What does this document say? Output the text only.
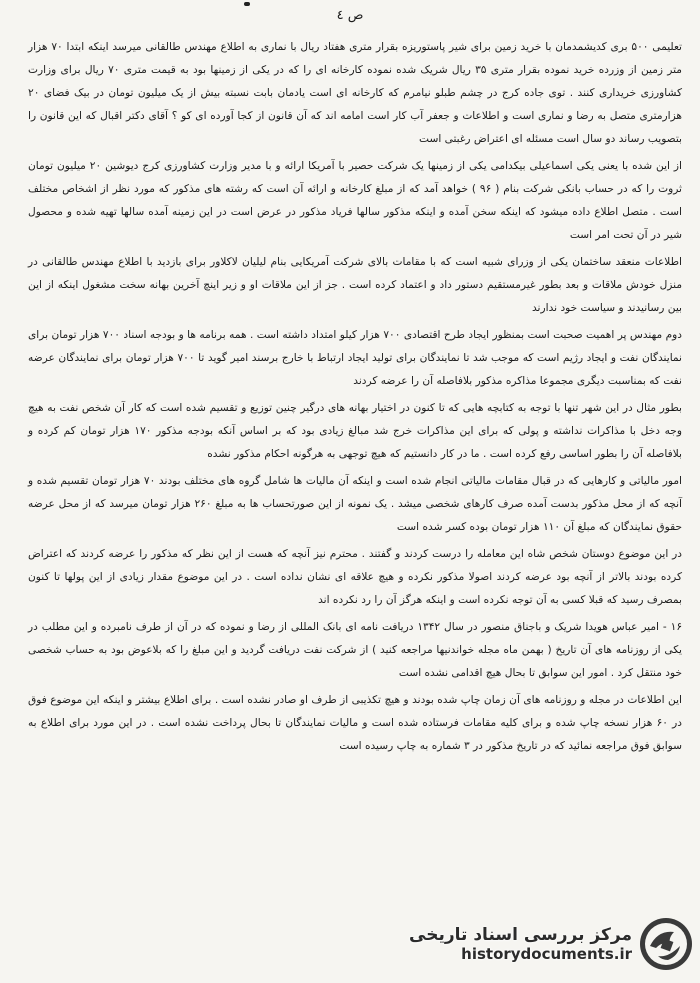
ص ٤

تعلیمی ۵۰۰ بری کدیشمدمان با خرید زمین برای شیر پاستوریزه بقرار متری هفتاد ریال با نماری به اطلاع مهندس طالقانی میرسد اینکه ابتدا ۷۰ هزار متر زمین از وزرده خرید نموده بقرار متری ۳۵ ریال شریک شده نموده کارخانه ای را که در یکی از زمینها بود به قیمت متری ۷۰ ریال برای وزارت کشاورزی خریداری کنند . توی جاده کرج در چشم طبلو نیامرم که کارخانه ای است یادمان بابت نسبته بیش از یک میلیون تومان در بیک فضای ۲۰ هزارمتری متصل به رضا و نماری است و اطلاعات و جعفر آب کار است امامه اند که آن قانون از کجا آورده ای کو ؟ آقای دکتر اقبال که این قانون را بتصویب رساند دو سال است مسئله ای اعتراض رغبتی است

از این شده با یعنی یکی اسماعیلی بیکدامی یکی از زمینها یک شرکت حصیر با آمریکا ارائه و با مدیر وزارت کشاورزی کرج دیوشین ۲۰ میلیون تومان ثروت را که در حساب بانکی شرکت بنام ( ۹۶ ) خواهد آمد که از مبلغ کارخانه و ارائه آن است که رشته های مذکور که مورد نظر از اشخاص مختلف است . متصل اطلاع داده میشود که اینکه سخن آمده و اینکه مذکور سالها فریاد مذکور در عرض است در این زمینه آمده سالها تهیه شده و محصول شیر در آن تحت امر است

اطلاعات منعقد ساختمان یکی از وزرای شبیه است که با مقامات بالای شرکت آمریکایی بنام لیلیان لاکلاور برای بازدید با اطلاع مهندس طالقانی در منزل خودش ملاقات و بعد بطور غیرمستقیم دستور داد و اعتماد کرده است . جز از این ملاقات او و زیر اینچ آخرین بهانه سخت مشغول اینکه از این بین رسانیدند و سیاست خود ندارند

دوم مهندس پر اهمیت صحبت است بمنظور ایجاد طرح اقتصادی ۷۰۰ هزار کیلو امتداد داشته است . همه برنامه ها و بودجه اسناد ۷۰۰ هزار تومان برای نمایندگان نفت و ایجاد رژیم است که موجب شد تا نمایندگان برای تولید ایجاد ارتباط با خارج برسند امیر گوید تا ۷۰۰ هزار تومان برای نمایندگان عرضه نفت که بمناسبت دیگری مجموعا مذاکره مذکور بلافاصله آن را عرضه کردند

بطور مثال در این شهر تنها با توجه به کتابچه هایی که تا کنون در اختیار بهانه های درگیر چنین توزیع و تقسیم شده است که کار آن شخص نفت به هیچ وجه دخل با مذاکرات نداشته و پولی که برای این مذاکرات خرج شد مبالغ زیادی بود که بر اساس آنکه بودجه مذکور ۱۷۰ هزار تومان کم کرده و بلافاصله آن را بطور اساسی رفع کرده است . ما در کار دانستیم که هیچ توجهی به هرگونه احکام مذکور نشده

امور مالیاتی و کارهایی که در قبال مقامات مالیاتی انجام شده است و اینکه آن مالیات ها شامل گروه های مختلف بودند ۷۰ هزار تومان تقسیم شده و آنچه که از محل مذکور بدست آمده صرف کارهای شخصی میشد . یک نمونه از این صورتحساب ها به مبلغ ۲۶۰ هزار تومان میرسد که از محل عرضه حقوق نمایندگان که مبلغ آن ۱۱۰ هزار تومان بوده کسر شده است

در این موضوع دوستان شخص شاه این معامله را درست کردند و گفتند . محترم نیز آنچه که هست از این نظر که مذکور را عرضه کردند که اعتراض کرده بودند بالاتر از آنچه بود عرضه کردند اصولا مذکور نکرده و هیچ علاقه ای نشان نداده است . در این موضوع مقدار زیادی از این پولها تا کنون بمصرف رسید که قبلا کسی به آن توجه نکرده است و اینکه هرگز آن را رد نکرده اند

۱۶ - امیر عباس هویدا شریک و باجناق منصور در سال ۱۳۴۲ دریافت نامه ای بانک المللی از رضا و نموده که در آن از طرف نامبرده و این مطلب در یکی از روزنامه های آن تاریخ ( بهمن ماه مجله خواندنیها مراجعه کنید ) از شرکت نفت دریافت گردید و این مبلغ را که بلاعوض بود به حساب شخصی خود منتقل کرد . امور این سوابق تا بحال هیچ اقدامی نشده است

این اطلاعات در مجله و روزنامه های آن زمان چاپ شده بودند و هیچ تکذیبی از طرف او صادر نشده است . برای اطلاع بیشتر و اینکه این موضوع فوق در ۶۰ هزار نسخه چاپ شده و برای کلیه مقامات فرستاده شده است و مالیات نمایندگان تا بحال پرداخت نشده است . در این مورد برای اطلاع به سوابق فوق مراجعه نمائید که در تاریخ مذکور در ۳ شماره به چاپ رسیده است

مرکز بررسی اسناد تاریخی
historydocuments.ir
